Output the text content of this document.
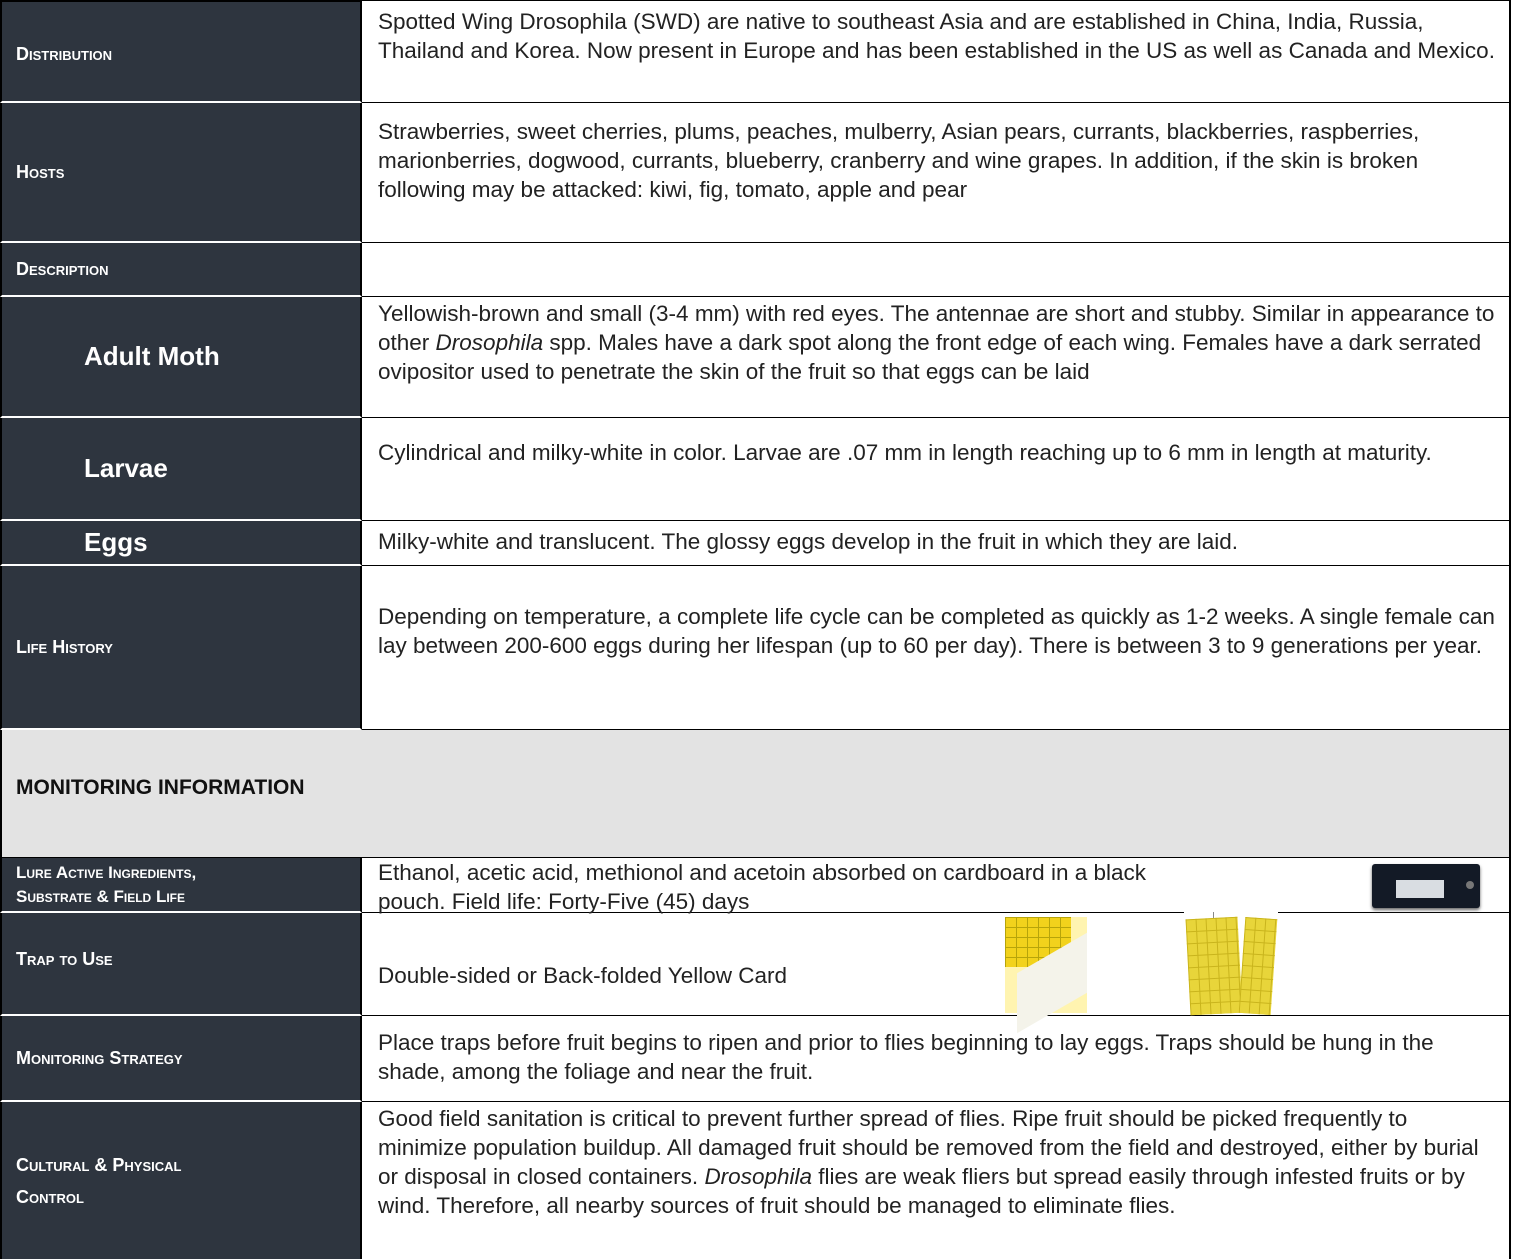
Distribution
Spotted Wing Drosophila (SWD) are native to southeast Asia and are established in China, India, Russia, Thailand and Korea. Now present in Europe and has been established in the US as well as Canada and Mexico.
Hosts
Strawberries, sweet cherries, plums, peaches, mulberry, Asian pears, currants, blackberries, raspberries, marionberries, dogwood, currants, blueberry, cranberry and wine grapes. In addition, if the skin is broken following may be attacked: kiwi, fig, tomato, apple and pear
Description
Adult Moth
Yellowish-brown and small (3-4 mm) with red eyes. The antennae are short and stubby. Similar in appearance to other Drosophila spp. Males have a dark spot along the front edge of each wing. Females have a dark serrated ovipositor used to penetrate the skin of the fruit so that eggs can be laid
Larvae
Cylindrical and milky-white in color. Larvae are .07 mm in length reaching up to 6 mm in length at maturity.
Eggs	Milky-white and translucent. The glossy eggs develop in the fruit in which they are laid.
Life History
Depending on temperature, a complete life cycle can be completed as quickly as 1-2 weeks. A single female can lay between 200-600 eggs during her lifespan (up to 60 per day). There is between 3 to 9 generations per year.
MONITORING INFORMATION
Lure Active Ingredients,
Substrate & Field Life
Ethanol, acetic acid, methionol and acetoin absorbed on cardboard in a black
pouch. Field life: Forty-Five (45) days
Trap to Use
Double-sided or Back-folded Yellow Card
Monitoring Strategy
Place traps before fruit begins to ripen and prior to flies beginning to lay eggs. Traps should be hung in the shade, among the foliage and near the fruit.
Cultural & Physical
Control
Good field sanitation is critical to prevent further spread of flies. Ripe fruit should be picked frequently to minimize population buildup. All damaged fruit should be removed from the field and destroyed, either by burial or disposal in closed containers. Drosophila flies are weak fliers but spread easily through infested fruits or by wind. Therefore, all nearby sources of fruit should be managed to eliminate flies.
